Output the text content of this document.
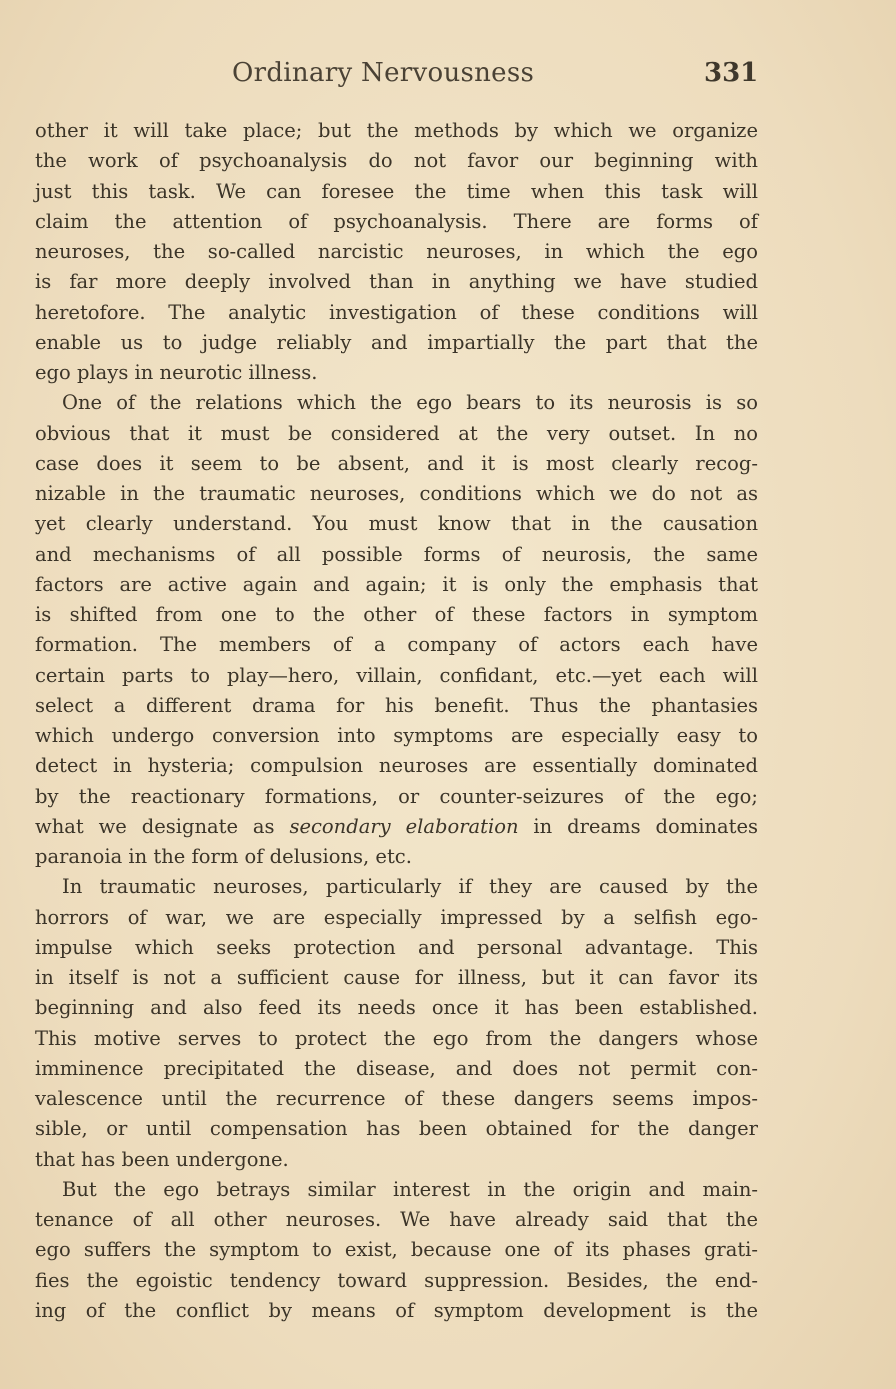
Ordinary Nervousness	331
other it will take place; but the methods by which we organize
the work of psychoanalysis do not favor our beginning with
just this task. We can foresee the time when this task will
claim the attention of psychoanalysis. There are forms of
neuroses, the so-called narcistic neuroses, in which the ego
is far more deeply involved than in anything we have studied
heretofore. The analytic investigation of these conditions will
enable us to judge reliably and impartially the part that the
ego plays in neurotic illness.
One of the relations which the ego bears to its neurosis is so
obvious that it must be considered at the very outset. In no
case does it seem to be absent, and it is most clearly recog-
nizable in the traumatic neuroses, conditions which we do not as
yet clearly understand. You must know that in the causation
and mechanisms of all possible forms of neurosis, the same
factors are active again and again; it is only the emphasis that
is shifted from one to the other of these factors in symptom
formation. The members of a company of actors each have
certain parts to play—hero, villain, confidant, etc.—yet each will
select a different drama for his benefit. Thus the phantasies
which undergo conversion into symptoms are especially easy to
detect in hysteria; compulsion neuroses are essentially dominated
by the reactionary formations, or counter-seizures of the ego;
what we designate as secondary elaboration in dreams dominates
paranoia in the form of delusions, etc.
In traumatic neuroses, particularly if they are caused by the
horrors of war, we are especially impressed by a selfish ego-
impulse which seeks protection and personal advantage. This
in itself is not a sufficient cause for illness, but it can favor its
beginning and also feed its needs once it has been established.
This motive serves to protect the ego from the dangers whose
imminence precipitated the disease, and does not permit con-
valescence until the recurrence of these dangers seems impos-
sible, or until compensation has been obtained for the danger
that has been undergone.
But the ego betrays similar interest in the origin and main-
tenance of all other neuroses. We have already said that the
ego suffers the symptom to exist, because one of its phases grati-
fies the egoistic tendency toward suppression. Besides, the end-
ing of the conflict by means of symptom development is the
